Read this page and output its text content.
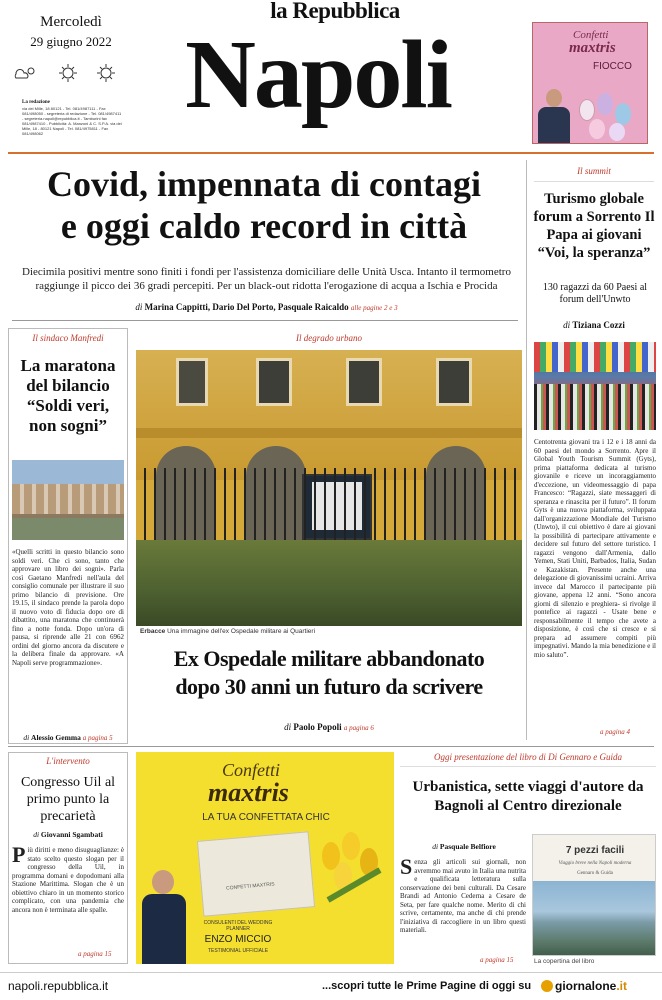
la Repubblica
Napoli
Mercoledì
29 giugno 2022
La redazione
via dei Mille, 18 80121 - Tel. 081/4987111 - Fax 081/498050 - segreteria di redazione - Tel. 081/4987411 - segreteria.napoli@repubblica.it - Tamburini fax 081/4987410 - Pubblicità: A. Manzoni & C. S.P.A. via dei Mille, 18 - 80121 Napoli - Tel. 081/4975811 - Fax 081/498062
Confetti
maxtris
FIOCCO
Covid, impennata di contagi
e oggi caldo record in città
Diecimila positivi mentre sono finiti i fondi per l'assistenza domiciliare delle Unità Usca. Intanto il termometro raggiunge il picco dei 36 gradi percepiti. Per un black-out ridotta l'erogazione di acqua a Ischia e Procida
di Marina Cappitti, Dario Del Porto, Pasquale Raicaldo alle pagine 2 e 3
Il summit
Turismo globale forum a Sorrento Il Papa ai giovani “Voi, la speranza”
130 ragazzi da 60 Paesi al forum dell'Unwto
di Tiziana Cozzi
Centotrenta giovani tra i 12 e i 18 anni da 60 paesi del mondo a Sorrento. Apre il Global Youth Tourism Summit (Gyts), prima piattaforma dedicata al turismo giovanile e riceve un incoraggiamento d'eccezione, un videomessaggio di papa Francesco: “Ragazzi, siate messaggeri di speranza e rinascita per il futuro”. Il forum Gyts è una nuova piattaforma, sviluppata dall'organizzazione Mondiale del Turismo (Unwto), il cui obiettivo è dare ai giovani la possibilità di partecipare attivamente e decidere sul futuro del settore turistico. I ragazzi vengono dall'Armenia, dallo Yemen, Stati Uniti, Barbados, Italia, Sudan e Kazakistan. Presente anche una delegazione di giovanissimi ucraini. Arriva invece dal Marocco il partecipante più giovane, appena 12 anni. “Sono ancora giorni di silenzio e preghiera- si rivolge il pontefice ai ragazzi - Usate bene e responsabilmente il tempo che avete a disposizione, è così che si cresce e si prepara ad assumere compiti più impegnativi. Mando la mia benedizione e il mio saluto”.
a pagina 4
Il sindaco Manfredi
La maratona del bilancio “Soldi veri, non sogni”
«Quelli scritti in questo bilancio sono soldi veri. Che ci sono, tanto che approvare un libro dei sogni». Parla così Gaetano Manfredi nell'aula del consiglio comunale per illustrare il suo primo bilancio di previsione. Ore 19.15, il sindaco prende la parola dopo il nuovo voto di fiducia dopo ore di dibattito, una maratona che continuerà fino a notte fonda. Dopo un'ora di pausa, si riprende alle 21 con 6962 ordini del giorno ancora da discutere e la delibera finale da approvare. «A Napoli serve programmazione».
di Alessio Gemma a pagina 5
Il degrado urbano
Erbacce Una immagine dell'ex Ospedale militare ai Quartieri
Ex Ospedale militare abbandonato
dopo 30 anni un futuro da scrivere
di Paolo Popoli a pagina 6
L'intervento
Congresso Uil al primo punto la precarietà
di Giovanni Sgambati
P iù diritti e meno disuguaglianze: è stato scelto questo slogan per il congresso della Uil, in programma domani e dopodomani alla Stazione Marittima. Slogan che è un obiettivo chiaro in un momento storico complicato, con una pandemia che ancora non è terminata alle spalle.
a pagina 15
Confetti
maxtris
LA TUA CONFETTATA CHIC
CONFETTI MAXTRIS
CONSULENTI DEL WEDDING PLANNER
ENZO MICCIO
TESTIMONIAL UFFICIALE
Oggi presentazione del libro di Di Gennaro e Guida
Urbanistica, sette viaggi d'autore da Bagnoli al Centro direzionale
di Pasquale Belfiore
S enza gli articoli sui giornali, non avremmo mai avuto in Italia una nutrita e qualificata letteratura sulla conservazione dei beni culturali. Da Cesare Brandi ad Antonio Cederna a Cesare de Seta, per fare qualche nome. Merito di chi scrive, certamente, ma anche di chi prende l'iniziativa di raccogliere in un libro questi materiali.
a pagina 15
7 pezzi facili
Viaggio breve nella Napoli moderna
Gennaro & Guida
La copertina del libro
napoli.repubblica.it	...scopri tutte le Prime Pagine di oggi su giornalone.it
